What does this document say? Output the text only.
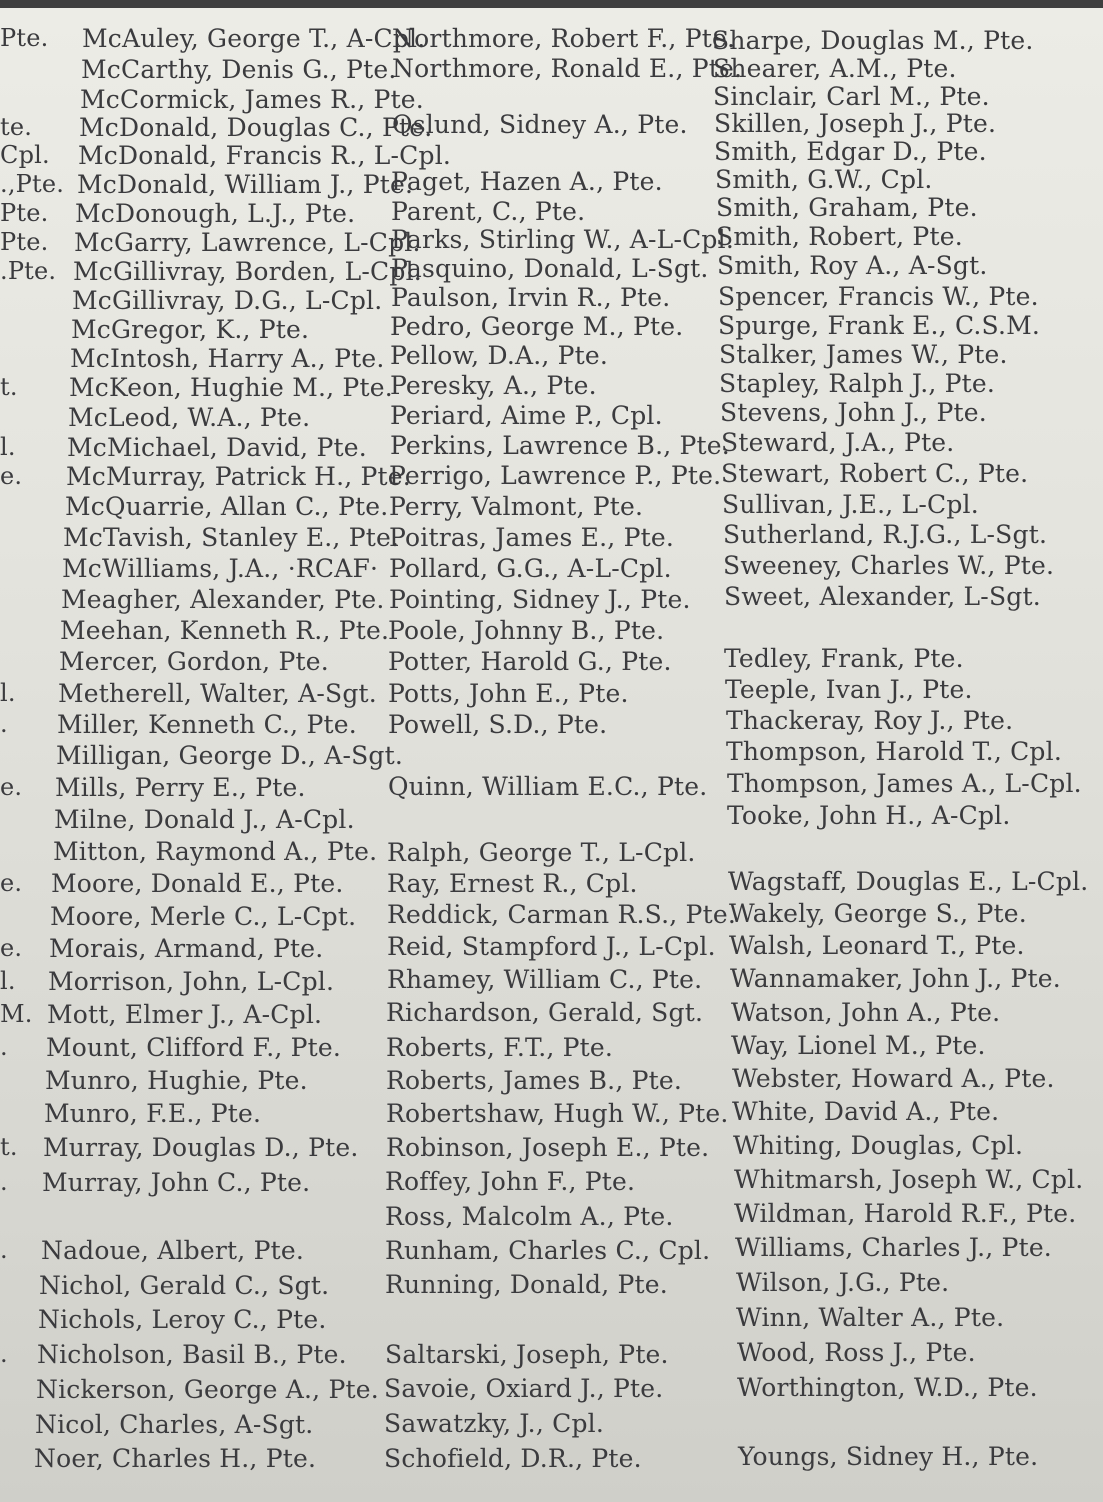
Pte.
te.
Cpl.
.,Pte.
Pte.
Pte.
.Pte.
t.
l.
e.
l.
.
e.
e.
e.
l.
M.
.
t.
.
.
.
McAuley, George T., A-Cpl.
McCarthy, Denis G., Pte.
McCormick, James R., Pte.
McDonald, Douglas C., Pte.
McDonald, Francis R., L-Cpl.
McDonald, William J., Pte.
McDonough, L.J., Pte.
McGarry, Lawrence, L-Cpl.
McGillivray, Borden, L-Cpl.
McGillivray, D.G., L-Cpl.
McGregor, K., Pte.
McIntosh, Harry A., Pte.
McKeon, Hughie M., Pte.
McLeod, W.A., Pte.
McMichael, David, Pte.
McMurray, Patrick H., Pte.
McQuarrie, Allan C., Pte.
McTavish, Stanley E., Pte.
McWilliams, J.A., ·RCAF·
Meagher, Alexander, Pte.
Meehan, Kenneth R., Pte.
Mercer, Gordon, Pte.
Metherell, Walter, A-Sgt.
Miller, Kenneth C., Pte.
Milligan, George D., A-Sgt.
Mills, Perry E., Pte.
Milne, Donald J., A-Cpl.
Mitton, Raymond A., Pte.
Moore, Donald E., Pte.
Moore, Merle C., L-Cpt.
Morais, Armand, Pte.
Morrison, John, L-Cpl.
Mott, Elmer J., A-Cpl.
Mount, Clifford F., Pte.
Munro, Hughie, Pte.
Munro, F.E., Pte.
Murray, Douglas D., Pte.
Murray, John C., Pte.
Nadoue, Albert, Pte.
Nichol, Gerald C., Sgt.
Nichols, Leroy C., Pte.
Nicholson, Basil B., Pte.
Nickerson, George A., Pte.
Nicol, Charles, A-Sgt.
Noer, Charles H., Pte.
Northmore, Robert F., Pte.
Northmore, Ronald E., Pte.
Oslund, Sidney A., Pte.
Paget, Hazen A., Pte.
Parent, C., Pte.
Parks, Stirling W., A-L-Cpl.
Pasquino, Donald, L-Sgt.
Paulson, Irvin R., Pte.
Pedro, George M., Pte.
Pellow, D.A., Pte.
Peresky, A., Pte.
Periard, Aime P., Cpl.
Perkins, Lawrence B., Pte.
Perrigo, Lawrence P., Pte.
Perry, Valmont, Pte.
Poitras, James E., Pte.
Pollard, G.G., A-L-Cpl.
Pointing, Sidney J., Pte.
Poole, Johnny B., Pte.
Potter, Harold G., Pte.
Potts, John E., Pte.
Powell, S.D., Pte.
Quinn, William E.C., Pte.
Ralph, George T., L-Cpl.
Ray, Ernest R., Cpl.
Reddick, Carman R.S., Pte.
Reid, Stampford J., L-Cpl.
Rhamey, William C., Pte.
Richardson, Gerald, Sgt.
Roberts, F.T., Pte.
Roberts, James B., Pte.
Robertshaw, Hugh W., Pte.
Robinson, Joseph E., Pte.
Roffey, John F., Pte.
Ross, Malcolm A., Pte.
Runham, Charles C., Cpl.
Running, Donald, Pte.
Saltarski, Joseph, Pte.
Savoie, Oxiard J., Pte.
Sawatzky, J., Cpl.
Schofield, D.R., Pte.
Sharpe, Douglas M., Pte.
Shearer, A.M., Pte.
Sinclair, Carl M., Pte.
Skillen, Joseph J., Pte.
Smith, Edgar D., Pte.
Smith, G.W., Cpl.
Smith, Graham, Pte.
Smith, Robert, Pte.
Smith, Roy A., A-Sgt.
Spencer, Francis W., Pte.
Spurge, Frank E., C.S.M.
Stalker, James W., Pte.
Stapley, Ralph J., Pte.
Stevens, John J., Pte.
Steward, J.A., Pte.
Stewart, Robert C., Pte.
Sullivan, J.E., L-Cpl.
Sutherland, R.J.G., L-Sgt.
Sweeney, Charles W., Pte.
Sweet, Alexander, L-Sgt.
Tedley, Frank, Pte.
Teeple, Ivan J., Pte.
Thackeray, Roy J., Pte.
Thompson, Harold T., Cpl.
Thompson, James A., L-Cpl.
Tooke, John H., A-Cpl.
Wagstaff, Douglas E., L-Cpl.
Wakely, George S., Pte.
Walsh, Leonard T., Pte.
Wannamaker, John J., Pte.
Watson, John A., Pte.
Way, Lionel M., Pte.
Webster, Howard A., Pte.
White, David A., Pte.
Whiting, Douglas, Cpl.
Whitmarsh, Joseph W., Cpl.
Wildman, Harold R.F., Pte.
Williams, Charles J., Pte.
Wilson, J.G., Pte.
Winn, Walter A., Pte.
Wood, Ross J., Pte.
Worthington, W.D., Pte.
Youngs, Sidney H., Pte.
